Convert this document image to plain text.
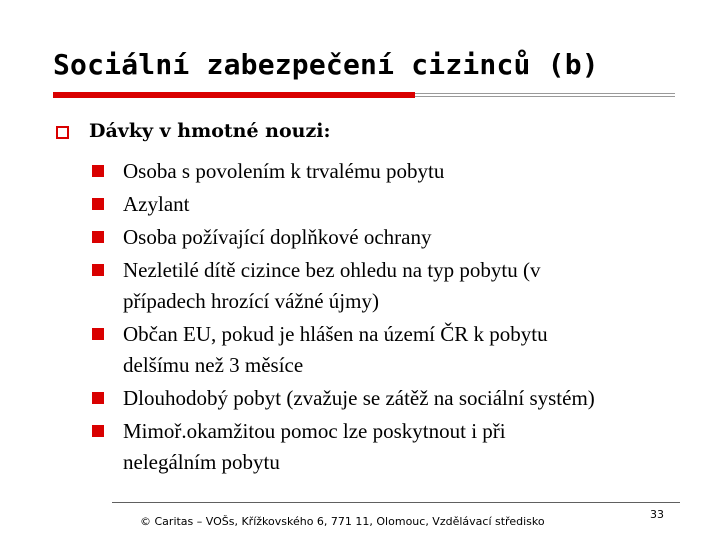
Sociální zabezpečení cizinců (b)
Dávky v hmotné nouzi:
Osoba s povolením k trvalému pobytu
Azylant
Osoba požívající doplňkové ochrany
Nezletilé dítě cizince bez ohledu na typ pobytu (v
případech hrozící vážné újmy)
Občan EU, pokud je hlášen na území ČR k pobytu
delšímu než 3 měsíce
Dlouhodobý pobyt (zvažuje se zátěž na sociální systém)
Mimoř.okamžitou pomoc lze poskytnout i při
nelegálním pobytu
© Caritas – VOŠs, Křížkovského 6, 771 11, Olomouc, Vzdělávací středisko
33
